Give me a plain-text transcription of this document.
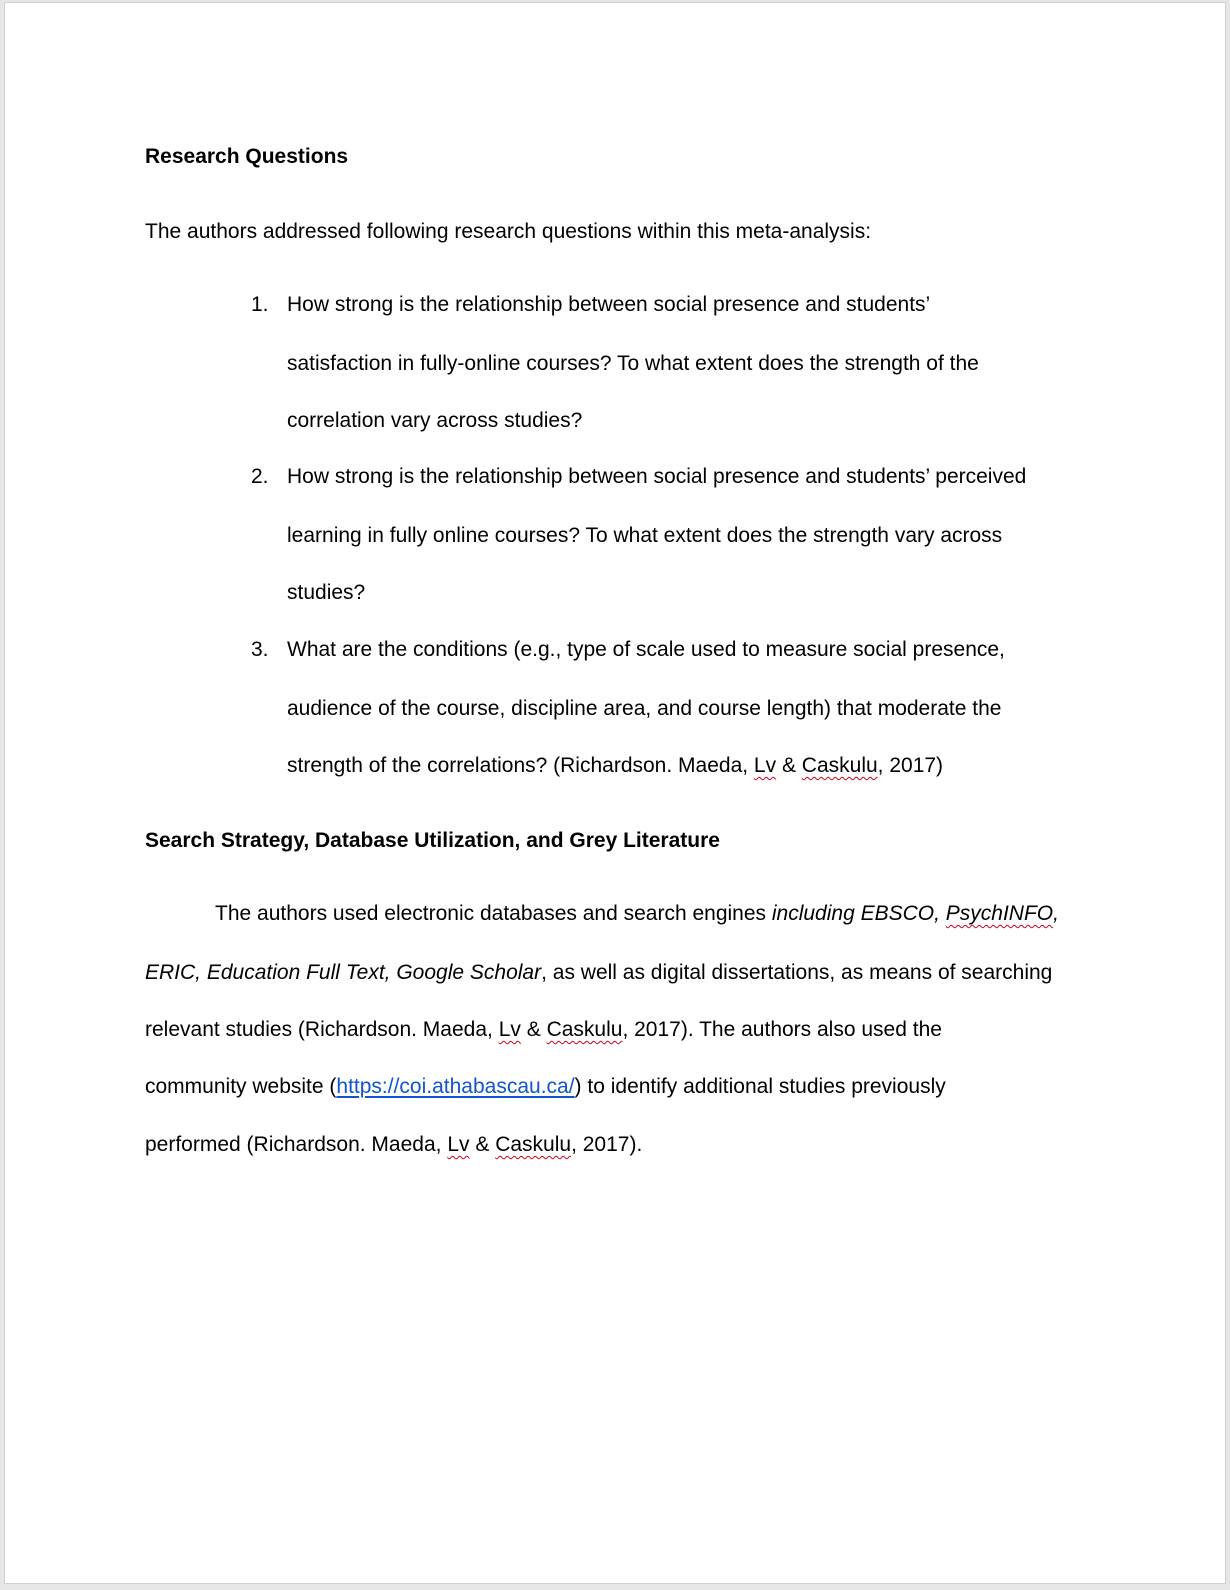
Research Questions
The authors addressed following research questions within this meta-analysis:
1. How strong is the relationship between social presence and students’
satisfaction in fully-online courses? To what extent does the strength of the
correlation vary across studies?
2. How strong is the relationship between social presence and students’ perceived
learning in fully online courses? To what extent does the strength vary across
studies?
3. What are the conditions (e.g., type of scale used to measure social presence,
audience of the course, discipline area, and course length) that moderate the
strength of the correlations? (Richardson. Maeda, Lv & Caskulu, 2017)
Search Strategy, Database Utilization, and Grey Literature
The authors used electronic databases and search engines including EBSCO, PsychINFO,
ERIC, Education Full Text, Google Scholar, as well as digital dissertations, as means of searching
relevant studies (Richardson. Maeda, Lv & Caskulu, 2017). The authors also used the
community website (https://coi.athabascau.ca/) to identify additional studies previously
performed (Richardson. Maeda, Lv & Caskulu, 2017).
